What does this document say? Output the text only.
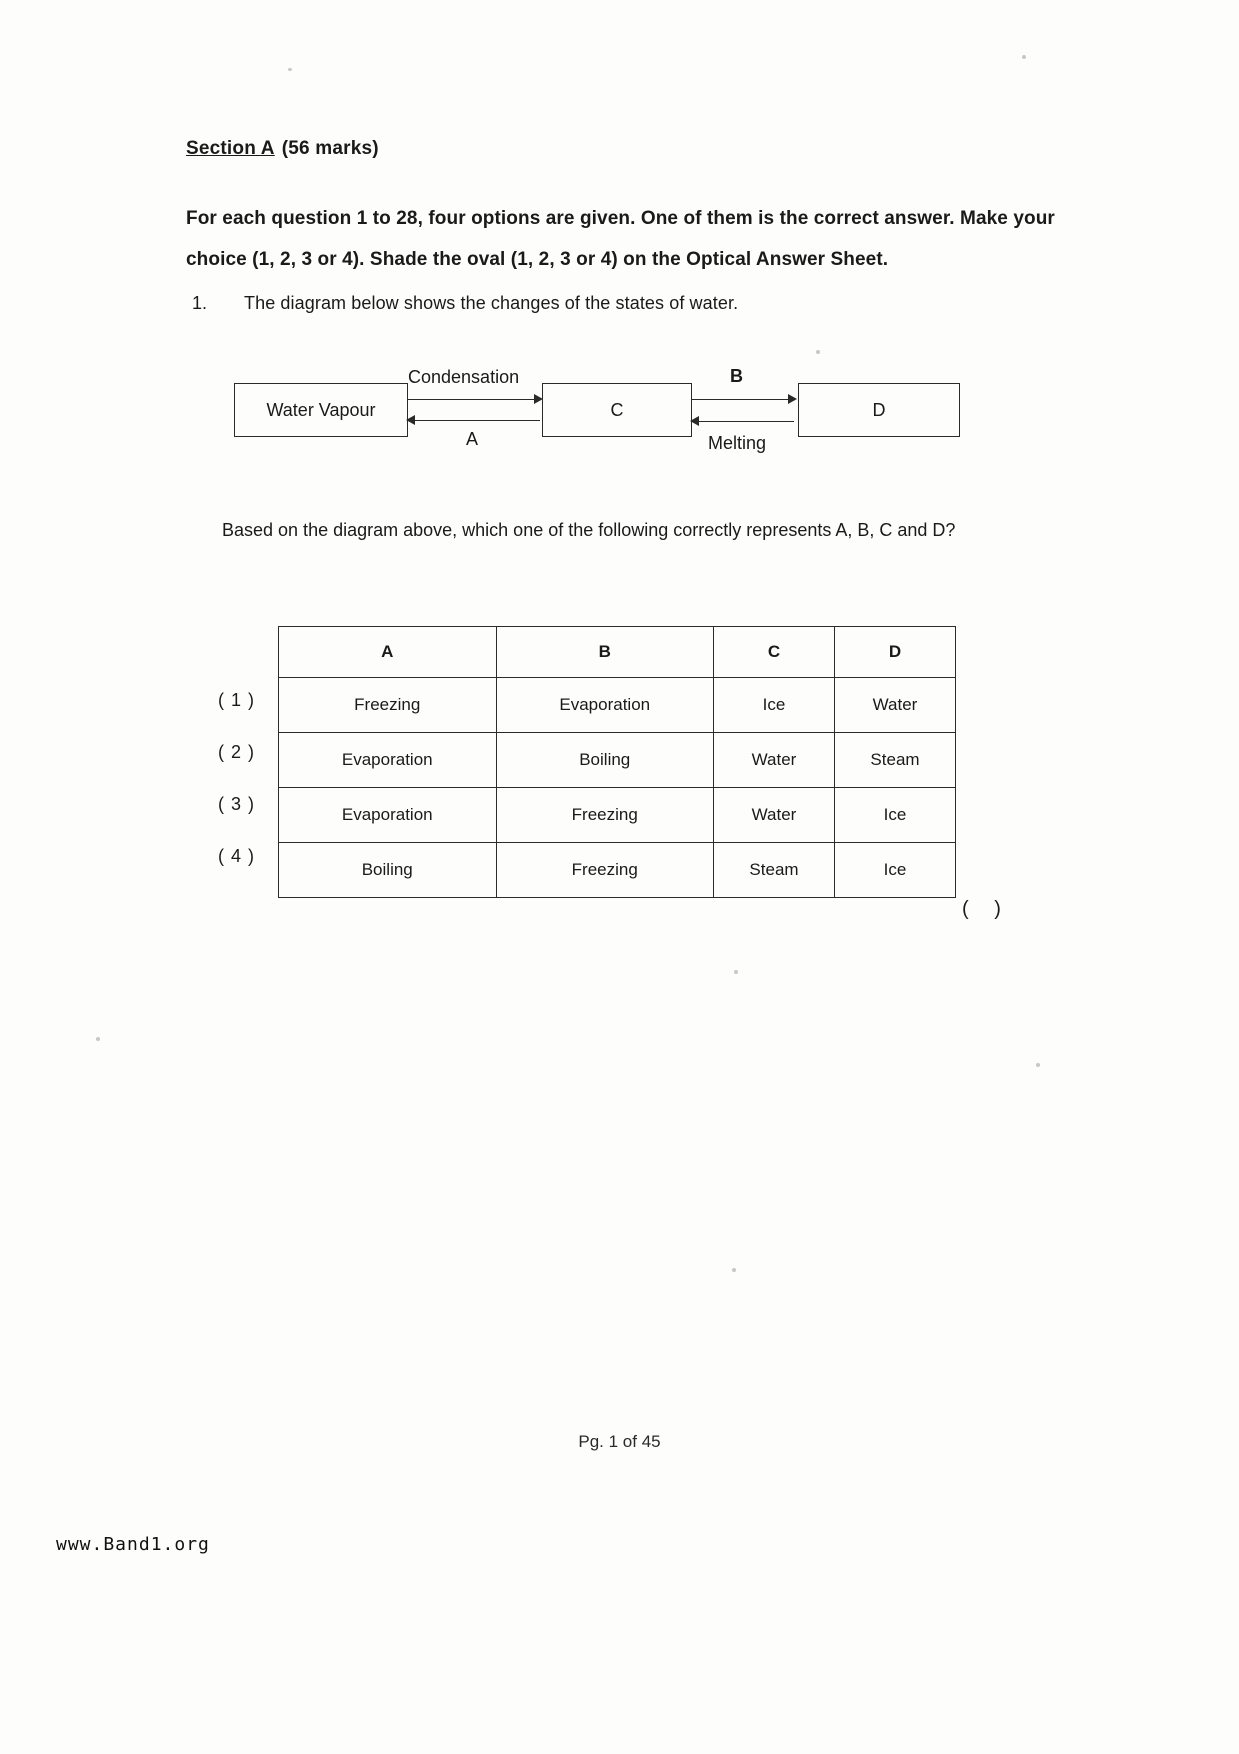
Section A (56 marks)
For each question 1 to 28, four options are given. One of them is the correct answer. Make your choice (1, 2, 3 or 4). Shade the oval (1, 2, 3 or 4) on the Optical Answer Sheet.
1. The diagram below shows the changes of the states of water.
Water Vapour	C	D
Condensation
A
B
Melting
Based on the diagram above, which one of the following correctly represents A, B, C and D?
( 1 )
( 2 )
( 3 )
( 4 )
A	B	C	D
Freezing	Evaporation	Ice	Water
Evaporation	Boiling	Water	Steam
Evaporation	Freezing	Water	Ice
Boiling	Freezing	Steam	Ice
( )
Pg. 1 of 45
www.Band1.org
